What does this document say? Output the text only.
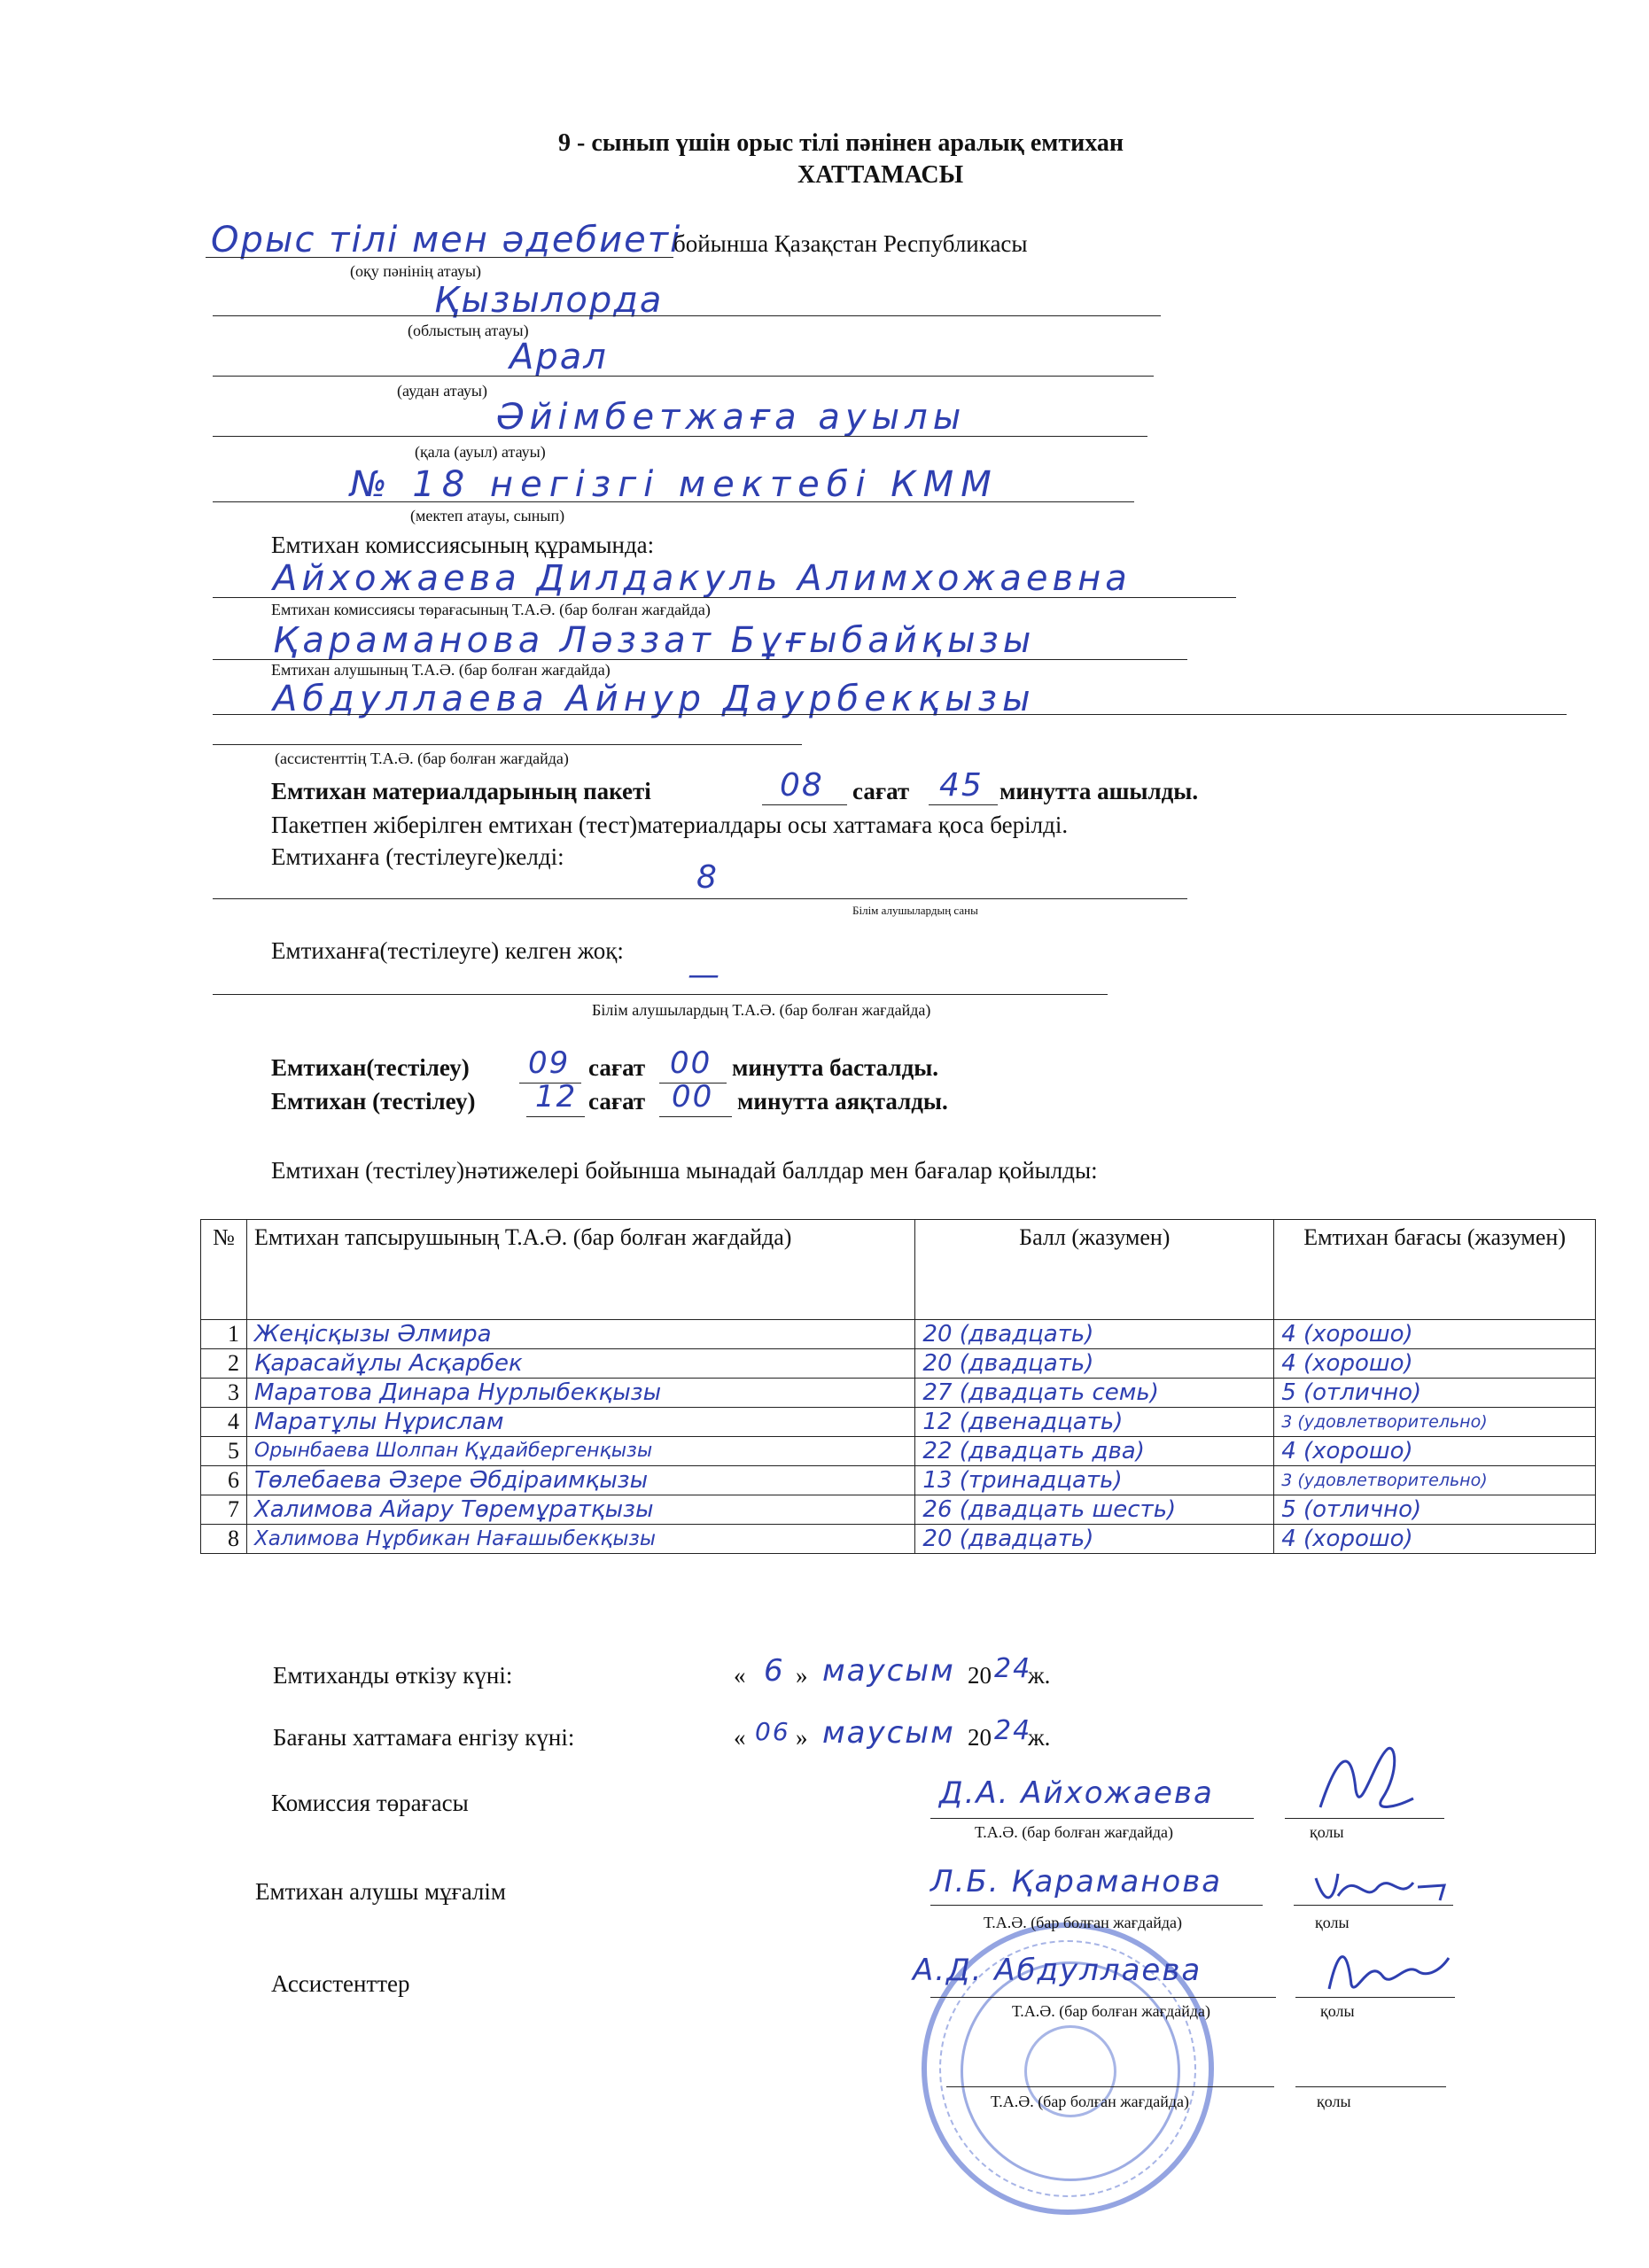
9 - сынып үшін орыс тілі пәнінен аралық емтихан
ХАТТАМАСЫ
Орыс тілі мен әдебиеті
бойынша Қазақстан Республикасы
(оқу пәнінің атауы)
Қызылорда
(облыстың атауы)
Арал
(аудан атауы)
Әйімбетжаға ауылы
(қала (ауыл) атауы)
№ 18 негізгі мектебі КММ
(мектеп атауы, сынып)
Емтихан комиссиясының құрамында:
Айхожаева Дилдакуль Алимхожаевна
Емтихан комиссиясы төрағасының Т.А.Ә. (бар болған жағдайда)
Қараманова Ләззат Бұғыбайқызы
Емтихан алушының Т.А.Ә. (бар болған жағдайда)
Абдуллаева Айнур Даурбекқызы
(ассистенттің Т.А.Ә. (бар болған жағдайда)
Емтихан материалдарының пакеті	08 сағат 45 минутта ашылды.
Пакетпен жіберілген емтихан (тест)материалдары осы хаттамаға қоса берілді.
Емтиханға (тестілеуге)келді:
8
Білім алушылардың саны
Емтиханға(тестілеуге) келген жоқ:
—
Білім алушылардың Т.А.Ә. (бар болған жағдайда)
Емтихан(тестілеу) 09 сағат 00 минутта басталды.
Емтихан (тестілеу) 12 сағат 00 минутта аяқталды.
Емтихан (тестілеу)нәтижелері бойынша мынадай баллдар мен бағалар қойылды:
№	Емтихан тапсырушының Т.А.Ә. (бар болған жағдайда)	Балл (жазумен)	Емтихан бағасы (жазумен)
1	Жеңісқызы Әлмира	20 (двадцать)	4 (хорошо)
2	Қарасайұлы Асқарбек	20 (двадцать)	4 (хорошо)
3	Маратова Динара Нурлыбекқызы	27 (двадцать семь)	5 (отлично)
4	Маратұлы Нұрислам	12 (двенадцать)	3 (удовлетворительно)
5	Орынбаева Шолпан Құдайбергенқызы	22 (двадцать два)	4 (хорошо)
6	Төлебаева Әзере Әбдіраимқызы	13 (тринадцать)	3 (удовлетворительно)
7	Халимова Айару Төремұратқызы	26 (двадцать шесть)	5 (отлично)
8	Халимова Нұрбикан Нағашыбекқызы	20 (двадцать)	4 (хорошо)
Емтиханды өткізу күні:	« 6 » маусым 20 24
ж.
Бағаны хаттамаға енгізу күні:	« 06 » маусым 20 24
ж.
Комиссия төрағасы	Д.А. Айхожаева
Т.А.Ә. (бар болған жағдайда)	қолы
Емтихан алушы мұғалім	Л.Б. Қараманова
Т.А.Ә. (бар болған жағдайда)	қолы
Ассистенттер	А.Д. Абдуллаева
Т.А.Ә. (бар болған жағдайда)	қолы
Т.А.Ә. (бар болған жағдайда)	қолы
